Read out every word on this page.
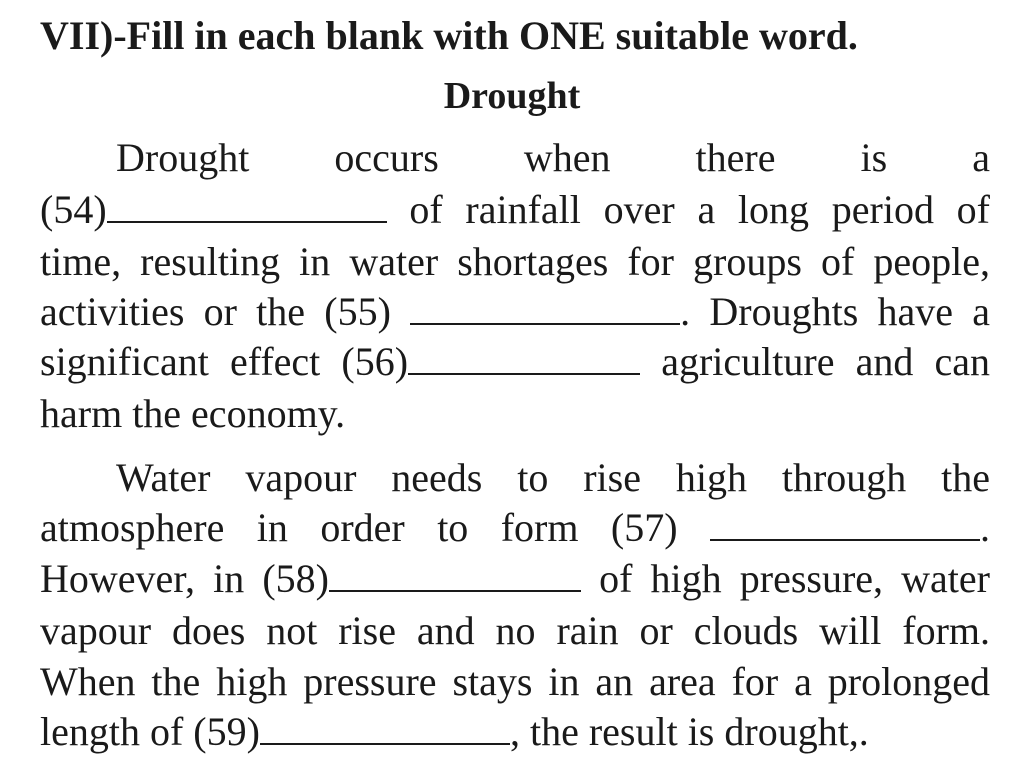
VII)-Fill in each blank with ONE suitable word.
Drought
Drought occurs when there is a
(54)	of rainfall over a long period of
time, resulting in water shortages for groups of people,
activities or the (55)	. Droughts have a
significant effect (56)	agriculture and can
harm the economy.
Water vapour needs to rise high through the
atmosphere in order to form (57)	.
However, in (58)	of high pressure, water
vapour does not rise and no rain or clouds will form.
When the high pressure stays in an area for a prolonged
length of (59)	, the result is drought,.
